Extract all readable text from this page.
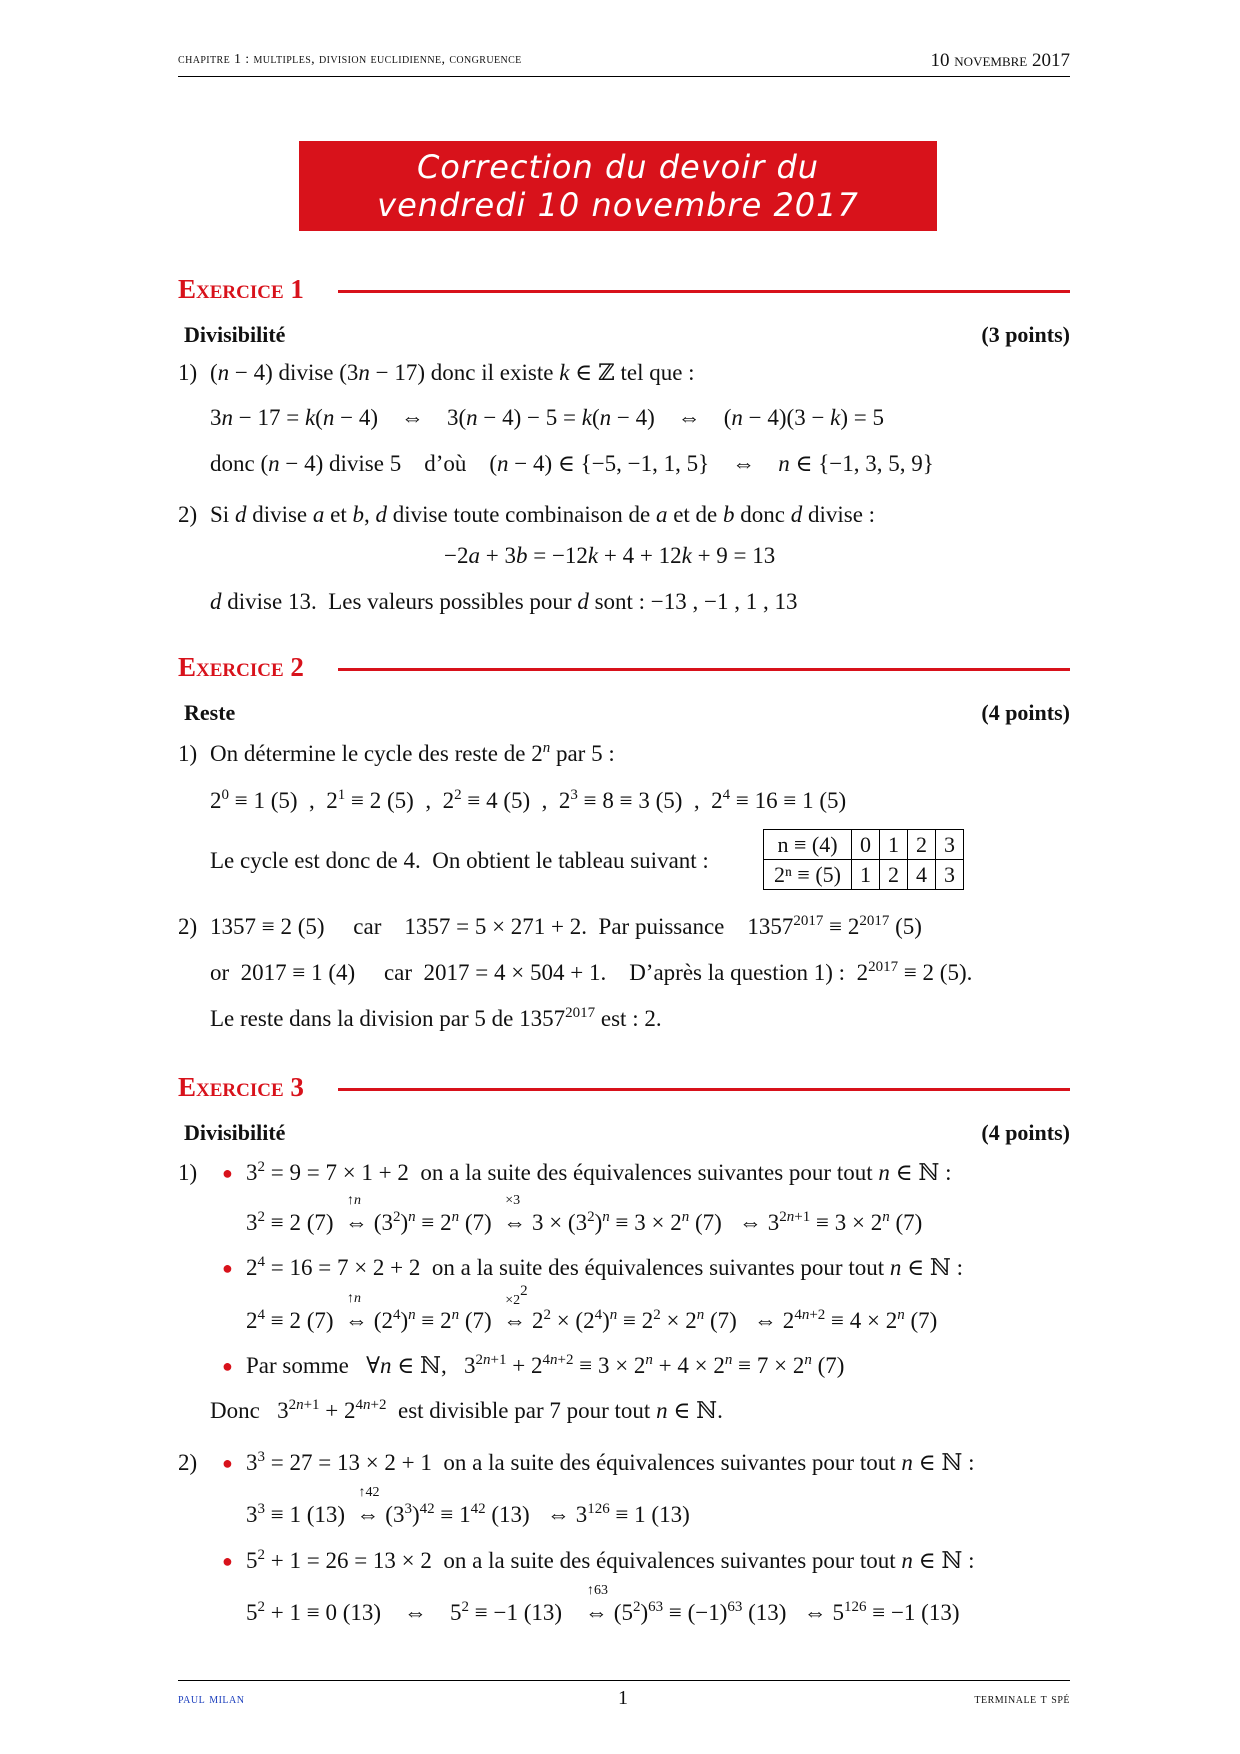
chapitre 1 : multiples, division euclidienne, congruence	10 novembre 2017
Correction du devoir du
vendredi 10 novembre 2017
Exercice 1
Divisibilité	(3 points)
1) (n − 4) divise (3n − 17) donc il existe k ∈ ℤ tel que :
3n − 17 = k(n − 4)    ⇔    3(n − 4) − 5 = k(n − 4)    ⇔    (n − 4)(3 − k) = 5
donc (n − 4) divise 5    d’où    (n − 4) ∈ {−5, −1, 1, 5}    ⇔    n ∈ {−1, 3, 5, 9}
2) Si d divise a et b, d divise toute combinaison de a et de b donc d divise :
−2a + 3b = −12k + 4 + 12k + 9 = 13
d divise 13.  Les valeurs possibles pour d sont : −13 , −1 , 1 , 13
Exercice 2
Reste	(4 points)
1) On détermine le cycle des reste de 2$^n$ par 5 :
$2^0 \equiv 1$ (5)  ,  $2^1 \equiv 2$ (5)  ,  $2^2 \equiv 4$ (5)  ,  $2^3 \equiv 8 \equiv 3$ (5)  ,  $2^4 \equiv 16 \equiv 1$ (5)
Le cycle est donc de 4.  On obtient le tableau suivant :
n ≡ (4)	0	1	2	3
2ⁿ ≡ (5)	1	2	4	3
2) 1357 ≡ 2 (5)     car    1357 = 5 × 271 + 2.  Par puissance    $1357^{2017} \equiv 2^{2017}$ (5)
or  2017 ≡ 1 (4)     car  2017 = 4 × 504 + 1.    D’après la question 1) :  $2^{2017} \equiv 2$ (5).
Le reste dans la division par 5 de $1357^{2017}$ est : 2.
Exercice 3
Divisibilité	(4 points)
1) ● $3^2 = 9 = 7 \times 1 + 2$  on a la suite des équivalences suivantes pour tout n ∈ ℕ :
$3^2 \equiv 2$ (7)  ⇔
↑n
$(3^2)^n \equiv 2^n$ (7)  ⇔
×3
$3 \times (3^2)^n \equiv 3 \times 2^n$ (7)   ⇔ $3^{2n+1} \equiv 3 \times 2^n$ (7)
● $2^4 = 16 = 7 \times 2 + 2$  on a la suite des équivalences suivantes pour tout n ∈ ℕ :
$2^4 \equiv 2$ (7)  ⇔
↑n
$(2^4)^n \equiv 2^n$ (7)  ⇔
$\times 2^2$
$2^2 \times (2^4)^n \equiv 2^2 \times 2^n$ (7)   ⇔ $2^{4n+2} \equiv 4 \times 2^n$ (7)
● Par somme   ∀n ∈ ℕ,   $3^{2n+1} + 2^{4n+2} \equiv 3 \times 2^n + 4 \times 2^n \equiv 7 \times 2^n$ (7)
Donc   $3^{2n+1} + 2^{4n+2}$  est divisible par 7 pour tout n ∈ ℕ.
2) ● $3^3 = 27 = 13 \times 2 + 1$  on a la suite des équivalences suivantes pour tout n ∈ ℕ :
$3^3 \equiv 1$ (13)  ⇔
↑42
$(3^3)^{42} \equiv 1^{42}$ (13)   ⇔ $3^{126} \equiv 1$ (13)
● $5^2 + 1 = 26 = 13 \times 2$  on a la suite des équivalences suivantes pour tout n ∈ ℕ :
$5^2 + 1 \equiv 0$ (13)    ⇔    $5^2 \equiv -1$ (13)    ⇔
↑63
$(5^2)^{63} \equiv (-1)^{63}$ (13)   ⇔ $5^{126} \equiv -1$ (13)
paul milan	1	terminale t spé
